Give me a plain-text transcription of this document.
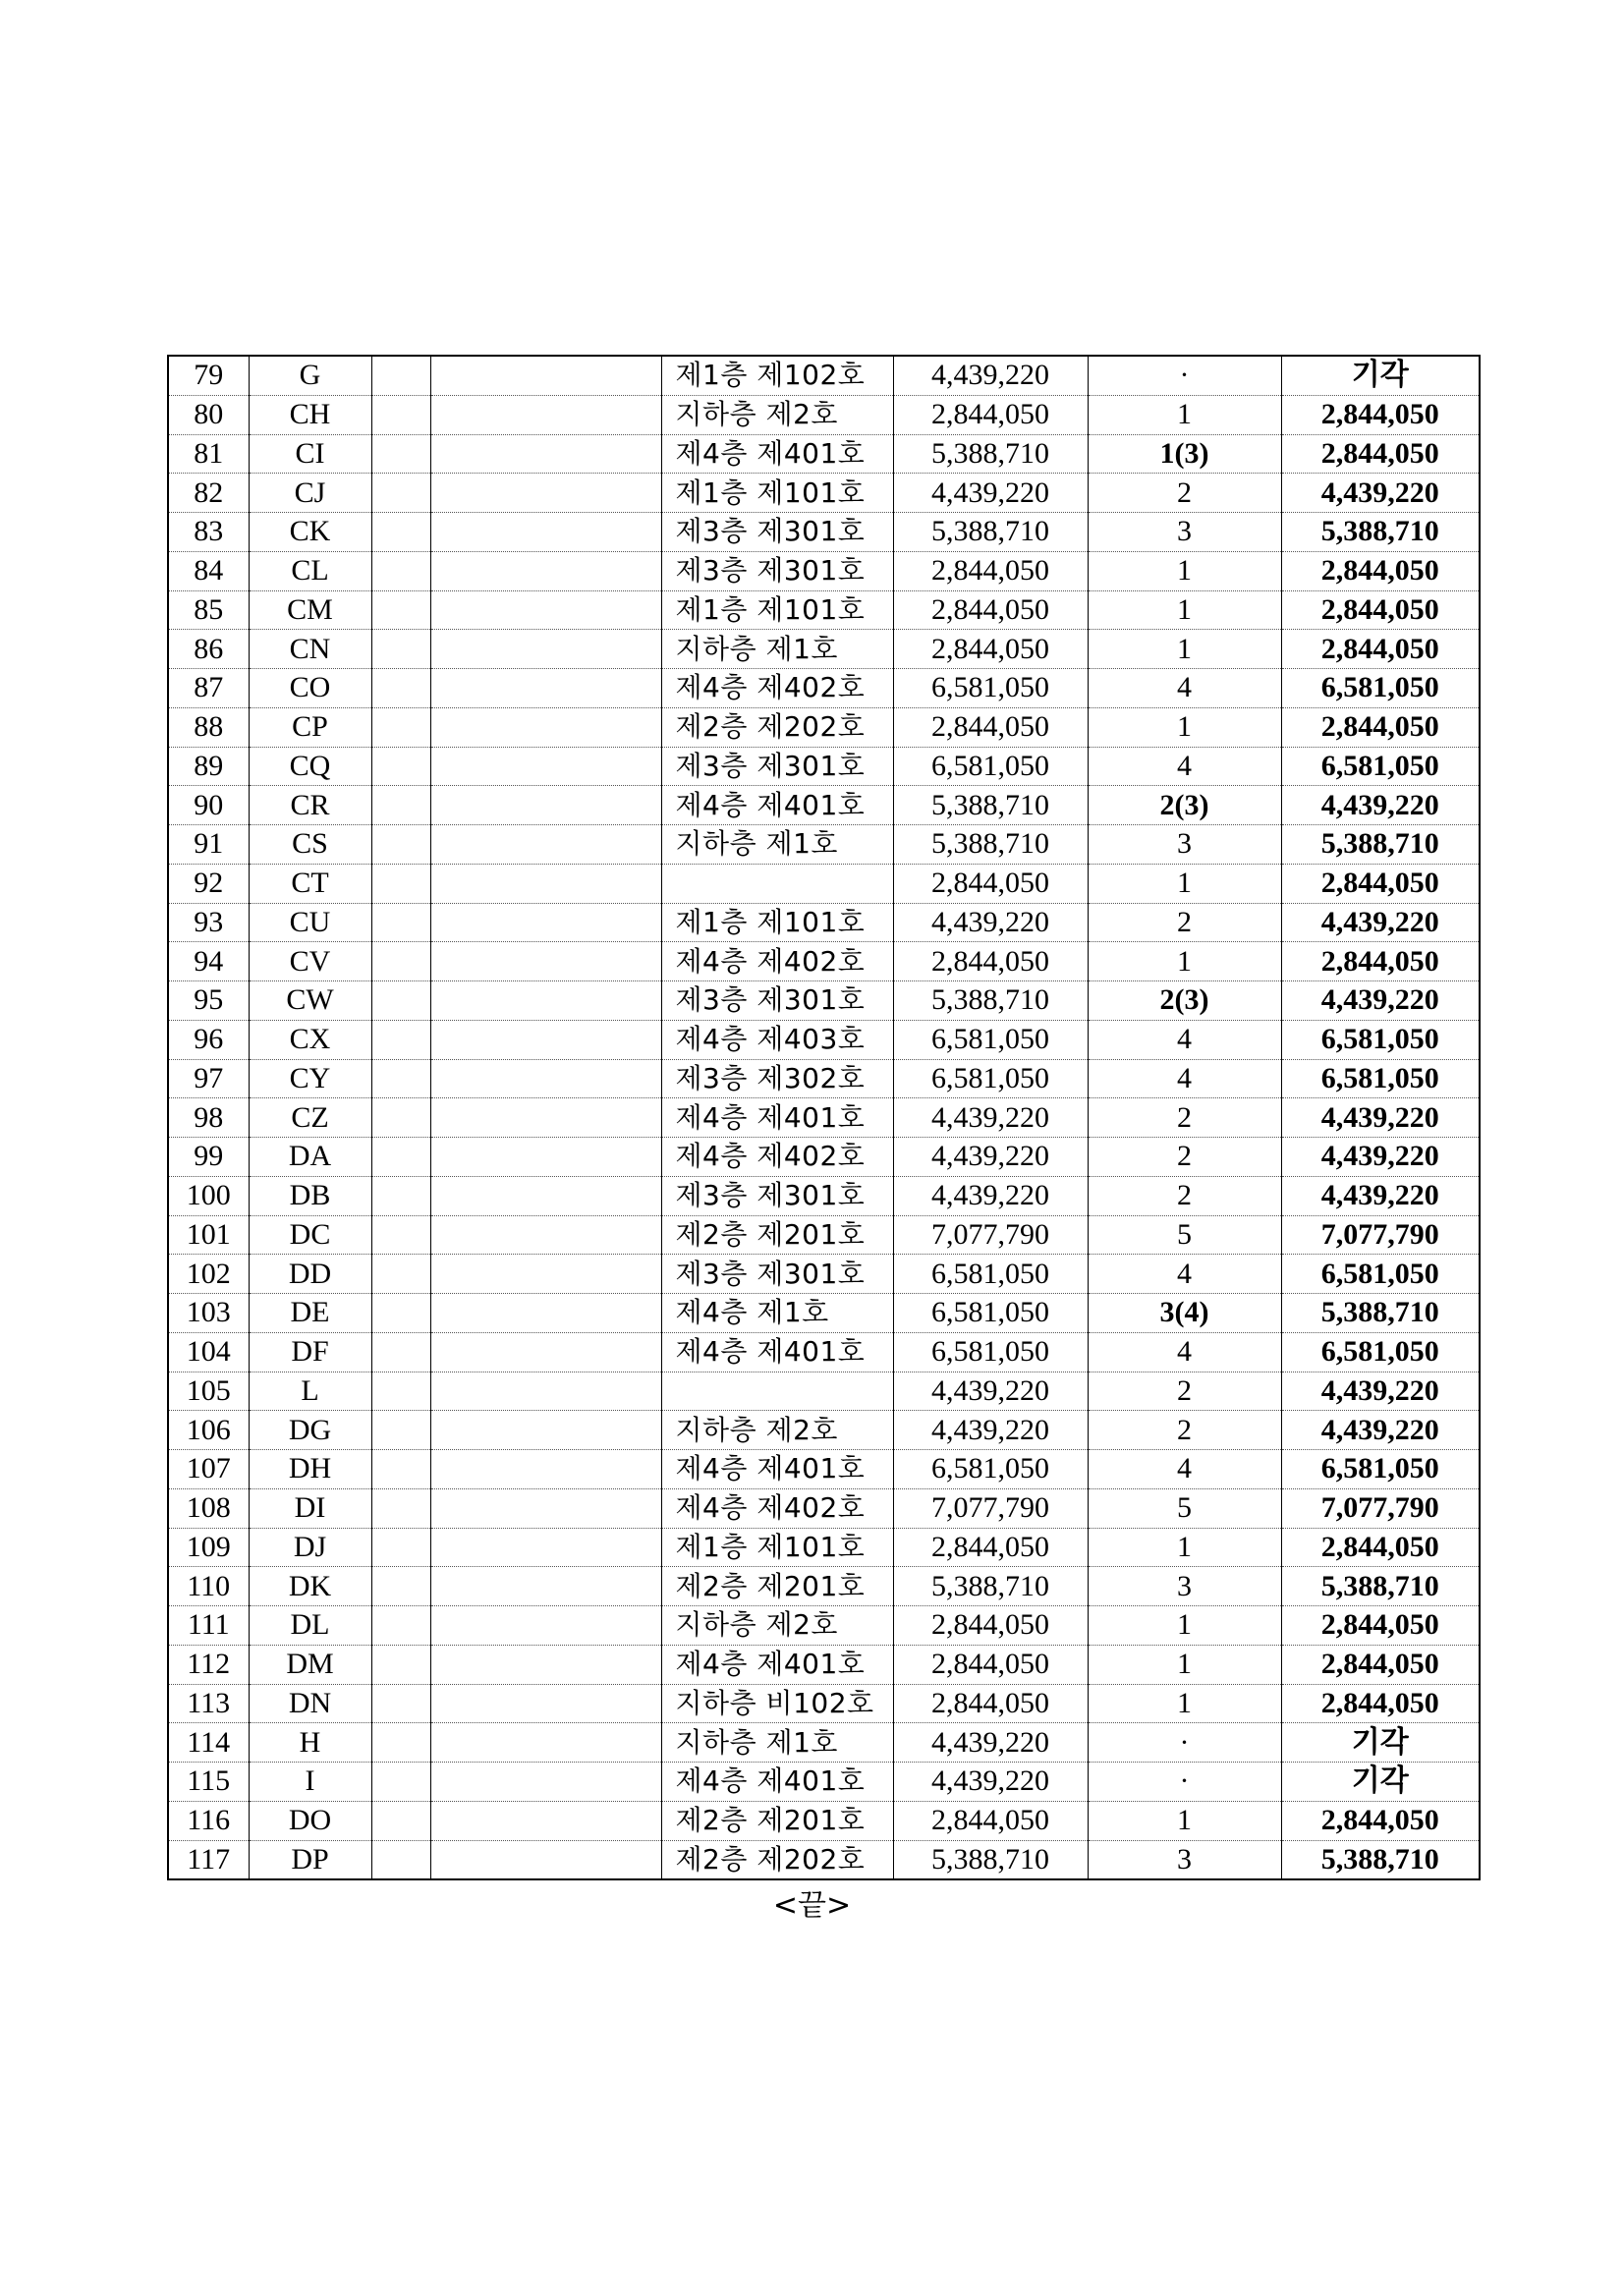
79	G			제1층 제102호	4,439,220	·	기각
80	CH			지하층 제2호	2,844,050	1	2,844,050
81	CI			제4층 제401호	5,388,710	1(3)	2,844,050
82	CJ			제1층 제101호	4,439,220	2	4,439,220
83	CK			제3층 제301호	5,388,710	3	5,388,710
84	CL			제3층 제301호	2,844,050	1	2,844,050
85	CM			제1층 제101호	2,844,050	1	2,844,050
86	CN			지하층 제1호	2,844,050	1	2,844,050
87	CO			제4층 제402호	6,581,050	4	6,581,050
88	CP			제2층 제202호	2,844,050	1	2,844,050
89	CQ			제3층 제301호	6,581,050	4	6,581,050
90	CR			제4층 제401호	5,388,710	2(3)	4,439,220
91	CS			지하층 제1호	5,388,710	3	5,388,710
92	CT				2,844,050	1	2,844,050
93	CU			제1층 제101호	4,439,220	2	4,439,220
94	CV			제4층 제402호	2,844,050	1	2,844,050
95	CW			제3층 제301호	5,388,710	2(3)	4,439,220
96	CX			제4층 제403호	6,581,050	4	6,581,050
97	CY			제3층 제302호	6,581,050	4	6,581,050
98	CZ			제4층 제401호	4,439,220	2	4,439,220
99	DA			제4층 제402호	4,439,220	2	4,439,220
100	DB			제3층 제301호	4,439,220	2	4,439,220
101	DC			제2층 제201호	7,077,790	5	7,077,790
102	DD			제3층 제301호	6,581,050	4	6,581,050
103	DE			제4층 제1호	6,581,050	3(4)	5,388,710
104	DF			제4층 제401호	6,581,050	4	6,581,050
105	L				4,439,220	2	4,439,220
106	DG			지하층 제2호	4,439,220	2	4,439,220
107	DH			제4층 제401호	6,581,050	4	6,581,050
108	DI			제4층 제402호	7,077,790	5	7,077,790
109	DJ			제1층 제101호	2,844,050	1	2,844,050
110	DK			제2층 제201호	5,388,710	3	5,388,710
111	DL			지하층 제2호	2,844,050	1	2,844,050
112	DM			제4층 제401호	2,844,050	1	2,844,050
113	DN			지하층 비102호	2,844,050	1	2,844,050
114	H			지하층 제1호	4,439,220	·	기각
115	I			제4층 제401호	4,439,220	·	기각
116	DO			제2층 제201호	2,844,050	1	2,844,050
117	DP			제2층 제202호	5,388,710	3	5,388,710
<끝>
